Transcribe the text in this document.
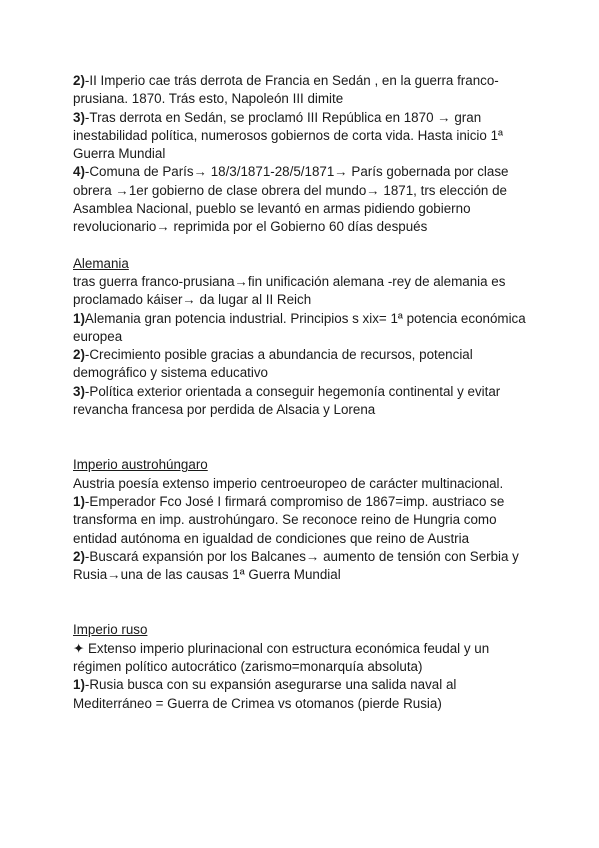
2)-II Imperio cae trás derrota de Francia en Sedán , en la guerra franco-prusiana. 1870. Trás esto, Napoleón III dimite

3)-Tras derrota en Sedán, se proclamó III República en 1870 → gran inestabilidad política, numerosos gobiernos de corta vida. Hasta inicio 1ª Guerra Mundial

4)-Comuna de París→ 18/3/1871-28/5/1871→ París gobernada por clase obrera →1er gobierno de clase obrera del mundo→ 1871, trs elección de Asamblea Nacional, pueblo se levantó en armas pidiendo gobierno revolucionario→ reprimida por el Gobierno 60 días después

Alemania

tras guerra franco-prusiana→fin unificación alemana -rey de alemania es proclamado káiser→ da lugar al II Reich

1)Alemania gran potencia industrial. Principios s xix= 1ª potencia económica europea

2)-Crecimiento posible gracias a abundancia de recursos, potencial demográfico y sistema educativo

3)-Política exterior orientada a conseguir hegemonía continental y evitar revancha francesa por perdida de Alsacia y Lorena

Imperio austrohúngaro

Austria poesía extenso imperio centroeuropeo de carácter multinacional.

1)-Emperador Fco José I firmará compromiso de 1867=imp. austriaco se transforma en imp. austrohúngaro. Se reconoce reino de Hungria como entidad autónoma en igualdad de condiciones que reino de Austria

2)-Buscará expansión por los Balcanes→ aumento de tensión con Serbia y Rusia→una de las causas 1ª Guerra Mundial

Imperio ruso

✦ Extenso imperio plurinacional con estructura económica feudal y un régimen político autocrático (zarismo=monarquía absoluta)

1)-Rusia busca con su expansión asegurarse una salida naval al Mediterráneo = Guerra de Crimea vs otomanos (pierde Rusia)
